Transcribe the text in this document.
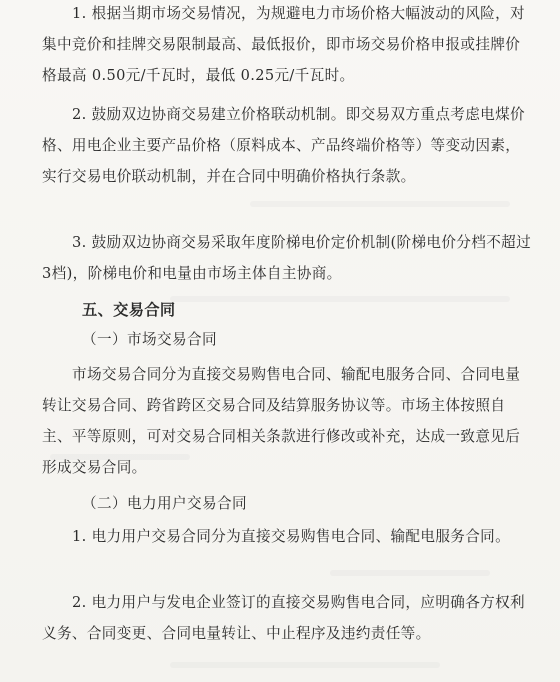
1. 根据当期市场交易情况，为规避电力市场价格大幅波动的风险，对集中竞价和挂牌交易限制最高、最低报价，即市场交易价格申报或挂牌价格最高 0.50元/千瓦时，最低 0.25元/千瓦时。
2. 鼓励双边协商交易建立价格联动机制。即交易双方重点考虑电煤价格、用电企业主要产品价格（原料成本、产品终端价格等）等变动因素，实行交易电价联动机制，并在合同中明确价格执行条款。
3. 鼓励双边协商交易采取年度阶梯电价定价机制(阶梯电价分档不超过 3档)，阶梯电价和电量由市场主体自主协商。
五、交易合同
（一）市场交易合同
市场交易合同分为直接交易购售电合同、输配电服务合同、合同电量转让交易合同、跨省跨区交易合同及结算服务协议等。市场主体按照自主、平等原则，可对交易合同相关条款进行修改或补充，达成一致意见后形成交易合同。
（二）电力用户交易合同
1. 电力用户交易合同分为直接交易购售电合同、输配电服务合同。
2. 电力用户与发电企业签订的直接交易购售电合同，应明确各方权利义务、合同变更、合同电量转让、中止程序及违约责任等。
